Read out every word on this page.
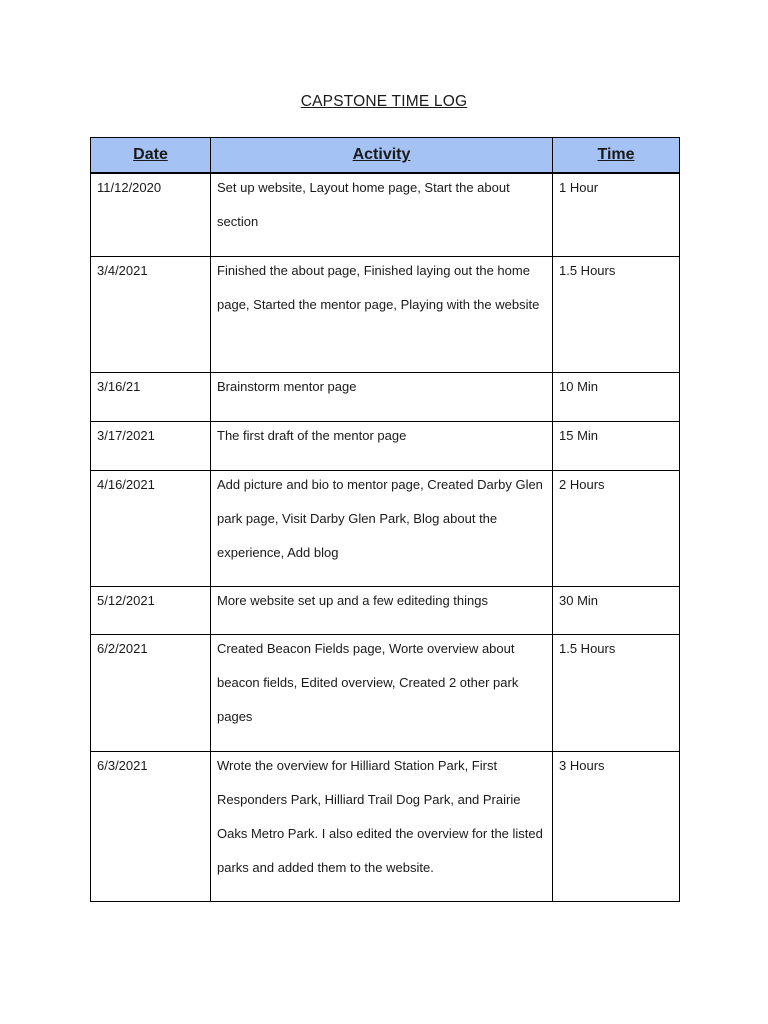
CAPSTONE TIME LOG
Date	Activity	Time

11/12/2020	Set up website, Layout home page, Start the about section	1 Hour

3/4/2021	Finished the about page, Finished laying out the home page, Started the mentor page, Playing with the website	1.5 Hours

3/16/21	Brainstorm mentor page	10 Min

3/17/2021	The first draft of the mentor page	15 Min

4/16/2021	Add picture and bio to mentor page, Created Darby Glen park page, Visit Darby Glen Park, Blog about the experience, Add blog	2 Hours

5/12/2021	More website set up and a few editeding things	30 Min

6/2/2021	Created Beacon Fields page, Worte overview about beacon fields, Edited overview, Created 2 other park pages	1.5 Hours

6/3/2021	Wrote the overview for Hilliard Station Park, First Responders Park, Hilliard Trail Dog Park, and Prairie Oaks Metro Park. I also edited the overview for the listed parks and added them to the website.	3 Hours
